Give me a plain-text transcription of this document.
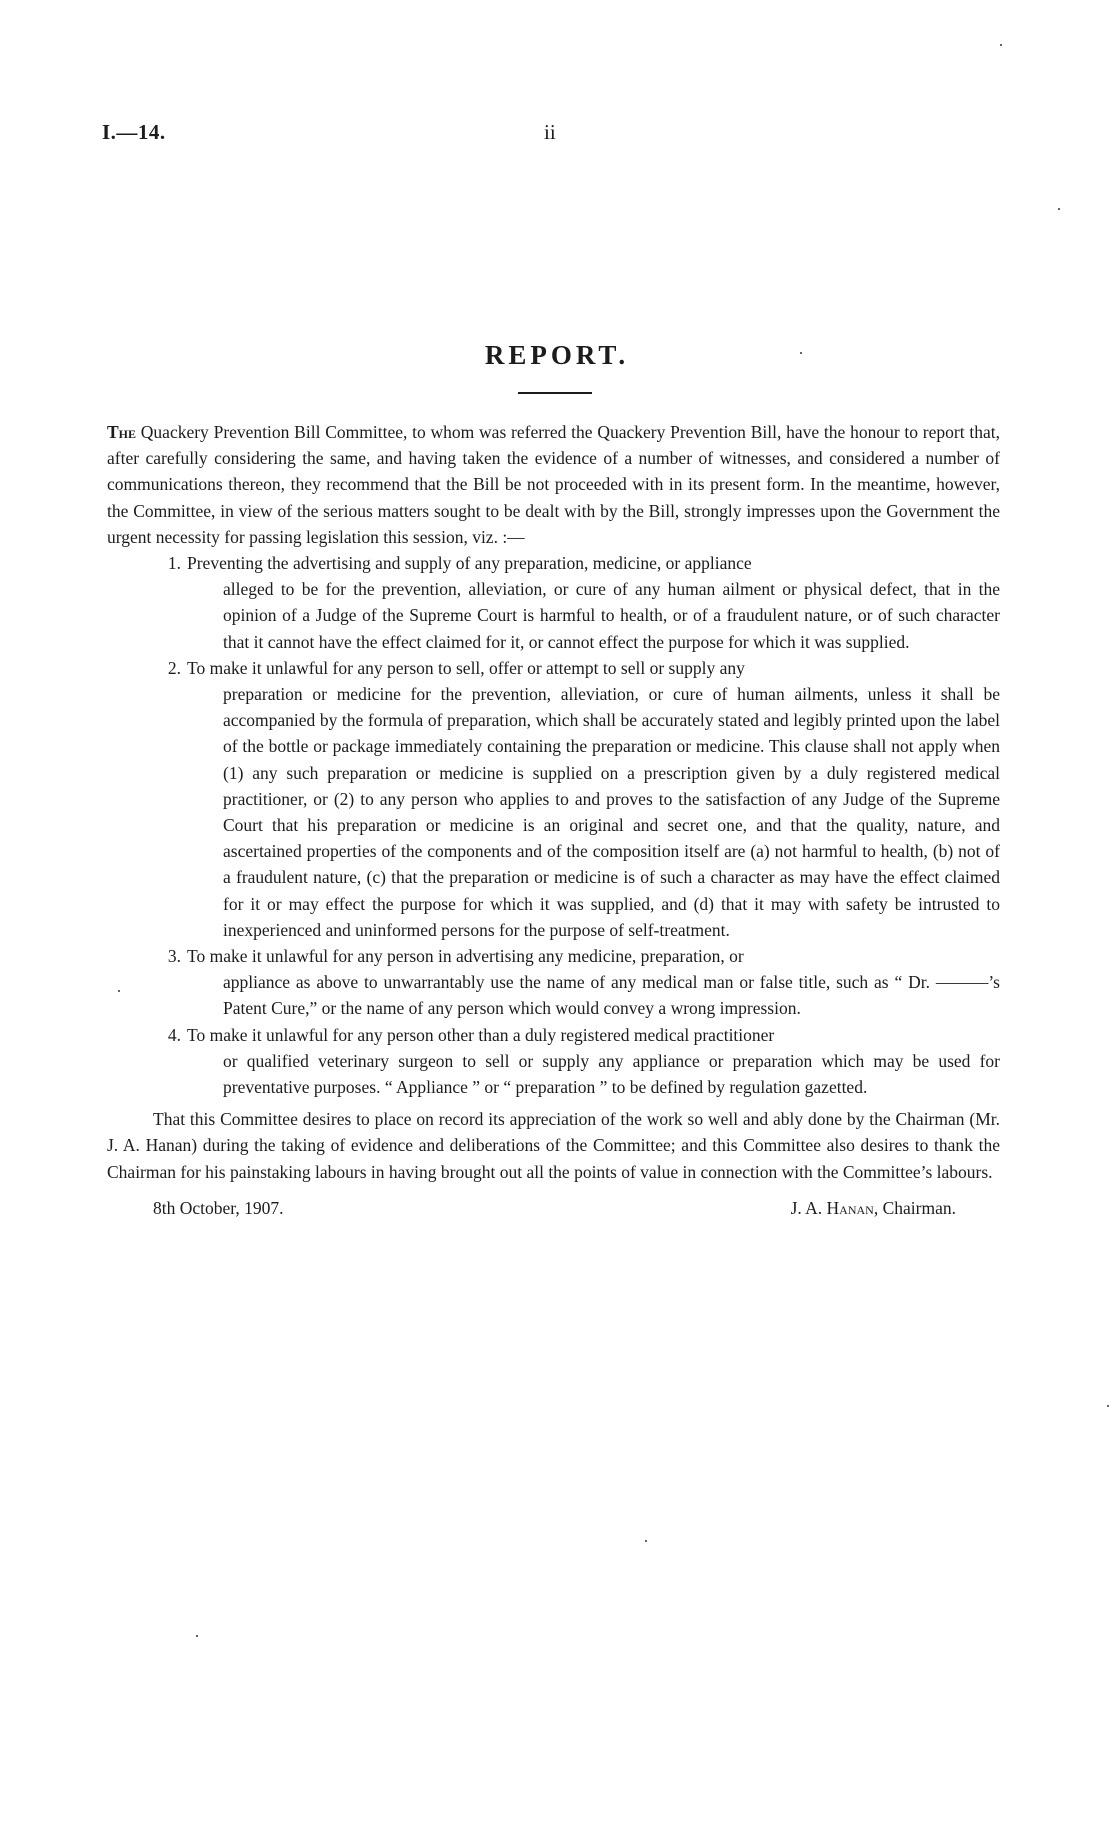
I.—14.	ii
REPORT.

The Quackery Prevention Bill Committee, to whom was referred the Quackery Prevention Bill, have the honour to report that, after carefully considering the same, and having taken the evidence of a number of witnesses, and considered a number of communications thereon, they recommend that the Bill be not proceeded with in its present form. In the meantime, however, the Committee, in view of the serious matters sought to be dealt with by the Bill, strongly impresses upon the Government the urgent necessity for passing legislation this session, viz. :—

1. Preventing the advertising and supply of any preparation, medicine, or appliance
alleged to be for the prevention, alleviation, or cure of any human ailment or physical defect, that in the opinion of a Judge of the Supreme Court is harmful to health, or of a fraudulent nature, or of such character that it cannot have the effect claimed for it, or cannot effect the purpose for which it was supplied.
2. To make it unlawful for any person to sell, offer or attempt to sell or supply any
preparation or medicine for the prevention, alleviation, or cure of human ailments, unless it shall be accompanied by the formula of preparation, which shall be accurately stated and legibly printed upon the label of the bottle or package immediately containing the preparation or medicine. This clause shall not apply when (1) any such preparation or medicine is supplied on a prescription given by a duly registered medical practitioner, or (2) to any person who applies to and proves to the satisfaction of any Judge of the Supreme Court that his preparation or medicine is an original and secret one, and that the quality, nature, and ascertained properties of the components and of the composition itself are (a) not harmful to health, (b) not of a fraudulent nature, (c) that the preparation or medicine is of such a character as may have the effect claimed for it or may effect the purpose for which it was supplied, and (d) that it may with safety be intrusted to inexperienced and uninformed persons for the purpose of self-treatment.
3. To make it unlawful for any person in advertising any medicine, preparation, or
appliance as above to unwarrantably use the name of any medical man or false title, such as “ Dr. ———’s Patent Cure,” or the name of any person which would convey a wrong impression.
4. To make it unlawful for any person other than a duly registered medical practitioner
or qualified veterinary surgeon to sell or supply any appliance or preparation which may be used for preventative purposes. “ Appliance ” or “ preparation ” to be defined by regulation gazetted.

That this Committee desires to place on record its appreciation of the work so well and ably done by the Chairman (Mr. J. A. Hanan) during the taking of evidence and deliberations of the Committee; and this Committee also desires to thank the Chairman for his painstaking labours in having brought out all the points of value in connection with the Committee’s labours.

8th October, 1907.	J. A. Hanan, Chairman.
